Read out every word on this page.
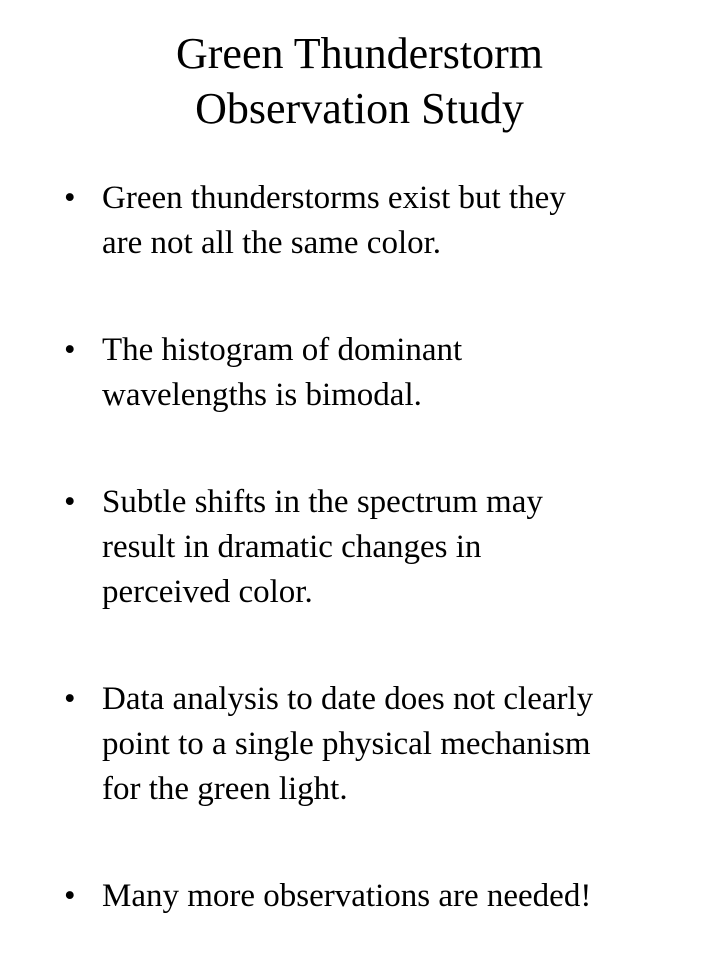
Green Thunderstorm
Observation Study
• Green thunderstorms exist but they
are not all the same color.
• The histogram of dominant
wavelengths is bimodal.
• Subtle shifts in the spectrum may
result in dramatic changes in
perceived color.
• Data analysis to date does not clearly
point to a single physical mechanism
for the green light.
• Many more observations are needed!
